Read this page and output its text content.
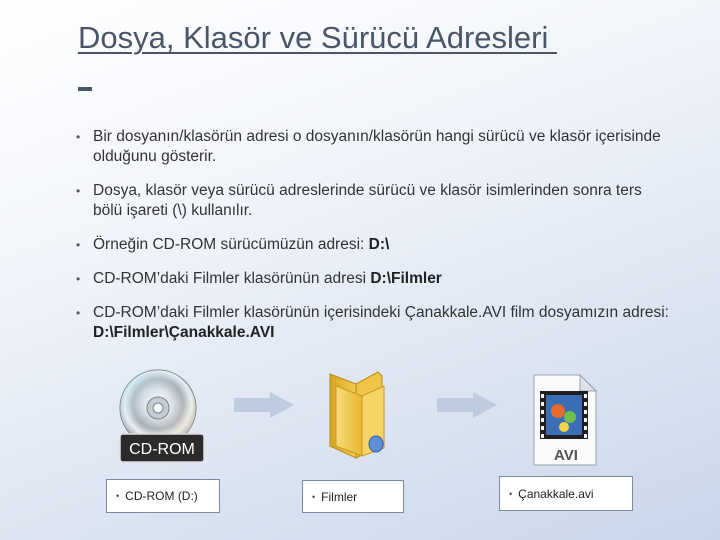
Dosya, Klasör ve Sürücü Adresleri
• Bir dosyanın/klasörün adresi o dosyanın/klasörün hangi sürücü ve klasör içerisinde olduğunu gösterir.
• Dosya, klasör veya sürücü adreslerinde sürücü ve klasör isimlerinden sonra ters bölü işareti (\) kullanılır.
• Örneğin CD-ROM sürücümüzün adresi: D:\
• CD-ROM’daki Filmler klasörünün adresi D:\Filmler
• CD-ROM’daki Filmler klasörünün içerisindeki Çanakkale.AVI film dosyamızın adresi: D:\Filmler\Çanakkale.AVI
CD-ROM	AVI
• CD-ROM (D:)	• Filmler	• Çanakkale.avi
